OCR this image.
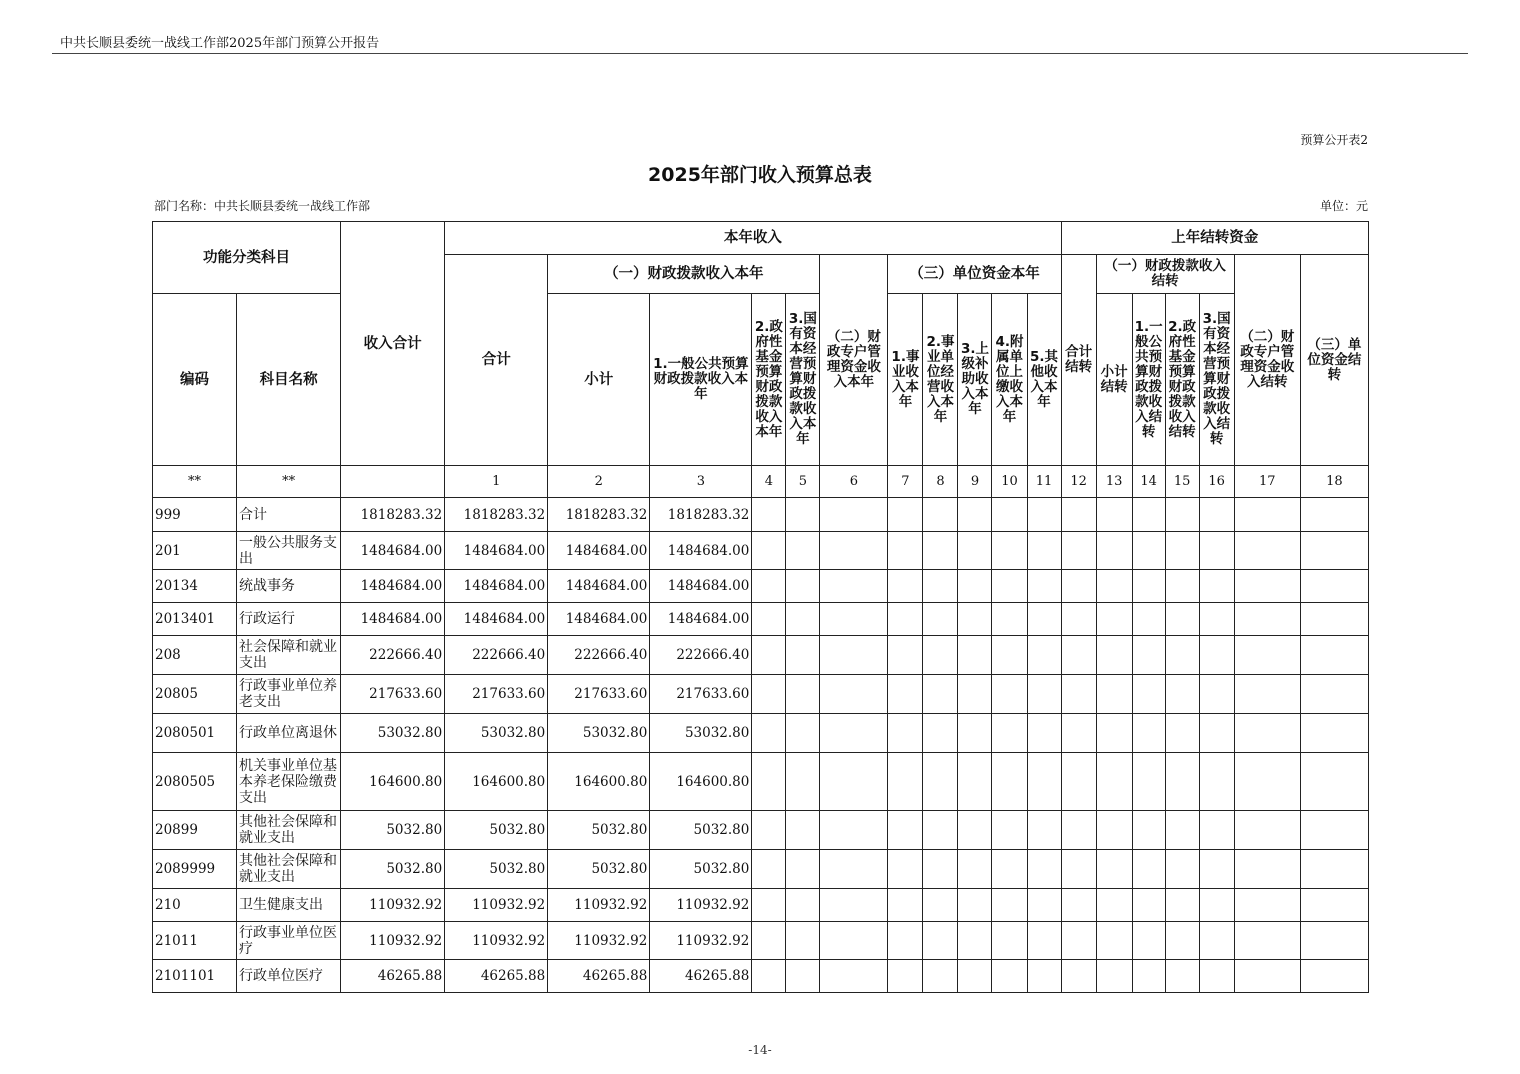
中共长顺县委统一战线工作部2025年部门预算公开报告
预算公开表2
2025年部门收入预算总表
部门名称：中共长顺县委统一战线工作部	单位：元
功能分类科目		收入合计	本年收入											上年结转资金						
			合计	（一）财政拨款收入本年				（二）财政专户管理资金收入本年	（三）单位资金本年					合计结转	（一）财政拨款收入结转				（二）财政专户管理资金收入结转	（三）单位资金结转
编码	科目名称			小计	1.一般公共预算财政拨款收入本年	2.政府性基金预算财政拨款收入本年	3.国有资本经营预算财政拨款收入本年		1.事业收入本年	2.事业单位经营收入本年	3.上级补助收入本年	4.附属单位上缴收入本年	5.其他收入本年		小计结转	1.一般公共预算财政拨款收入结转	2.政府性基金预算财政拨款收入结转	3.国有资本经营预算财政拨款收入结转		
**	**		1	2	3	4	5	6	7	8	9	10	11	12	13	14	15	16	17	18
999	合计	1818283.32	1818283.32	1818283.32	1818283.32															
201	一般公共服务支出	1484684.00	1484684.00	1484684.00	1484684.00															
20134	统战事务	1484684.00	1484684.00	1484684.00	1484684.00															
2013401	行政运行	1484684.00	1484684.00	1484684.00	1484684.00															
208	社会保障和就业支出	222666.40	222666.40	222666.40	222666.40															
20805	行政事业单位养老支出	217633.60	217633.60	217633.60	217633.60															
2080501	行政单位离退休	53032.80	53032.80	53032.80	53032.80															
2080505	机关事业单位基本养老保险缴费支出	164600.80	164600.80	164600.80	164600.80															
20899	其他社会保障和就业支出	5032.80	5032.80	5032.80	5032.80															
2089999	其他社会保障和就业支出	5032.80	5032.80	5032.80	5032.80															
210	卫生健康支出	110932.92	110932.92	110932.92	110932.92															
21011	行政事业单位医疗	110932.92	110932.92	110932.92	110932.92															
2101101	行政单位医疗	46265.88	46265.88	46265.88	46265.88															
-14-
